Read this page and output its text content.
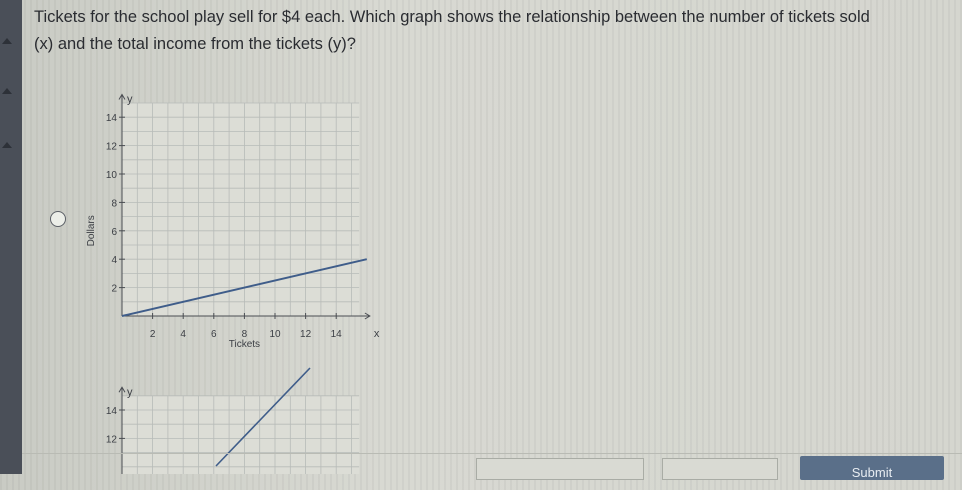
Tickets for the school play sell for $4 each. Which graph shows the relationship between the number of tickets sold
(x) and the total income from the tickets (y)?
2	4	6	8 10 12 14
2
4
6
8
10
12
14
y
x
Tickets
Dollars
y
14
12
Submit
